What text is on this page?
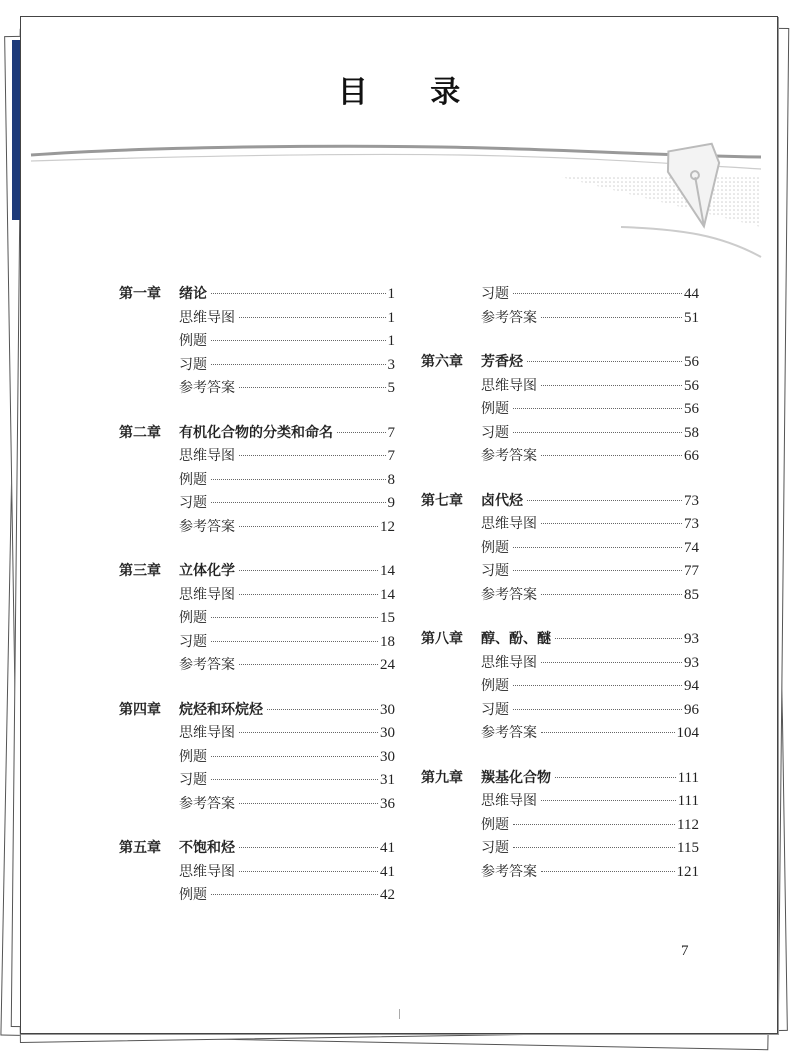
目 录
第一章	绪论	1
思维导图	1
例题	1
习题	3
参考答案	5
第二章	有机化合物的分类和命名	7
思维导图	7
例题	8
习题	9
参考答案	12
第三章	立体化学	14
思维导图	14
例题	15
习题	18
参考答案	24
第四章	烷烃和环烷烃	30
思维导图	30
例题	30
习题	31
参考答案	36
第五章	不饱和烃	41
思维导图	41
例题	42
习题	44
参考答案	51
第六章	芳香烃	56
思维导图	56
例题	56
习题	58
参考答案	66
第七章	卤代烃	73
思维导图	73
例题	74
习题	77
参考答案	85
第八章	醇、酚、醚	93
思维导图	93
例题	94
习题	96
参考答案	104
第九章	羰基化合物	111
思维导图	111
例题	112
习题	115
参考答案	121
7
